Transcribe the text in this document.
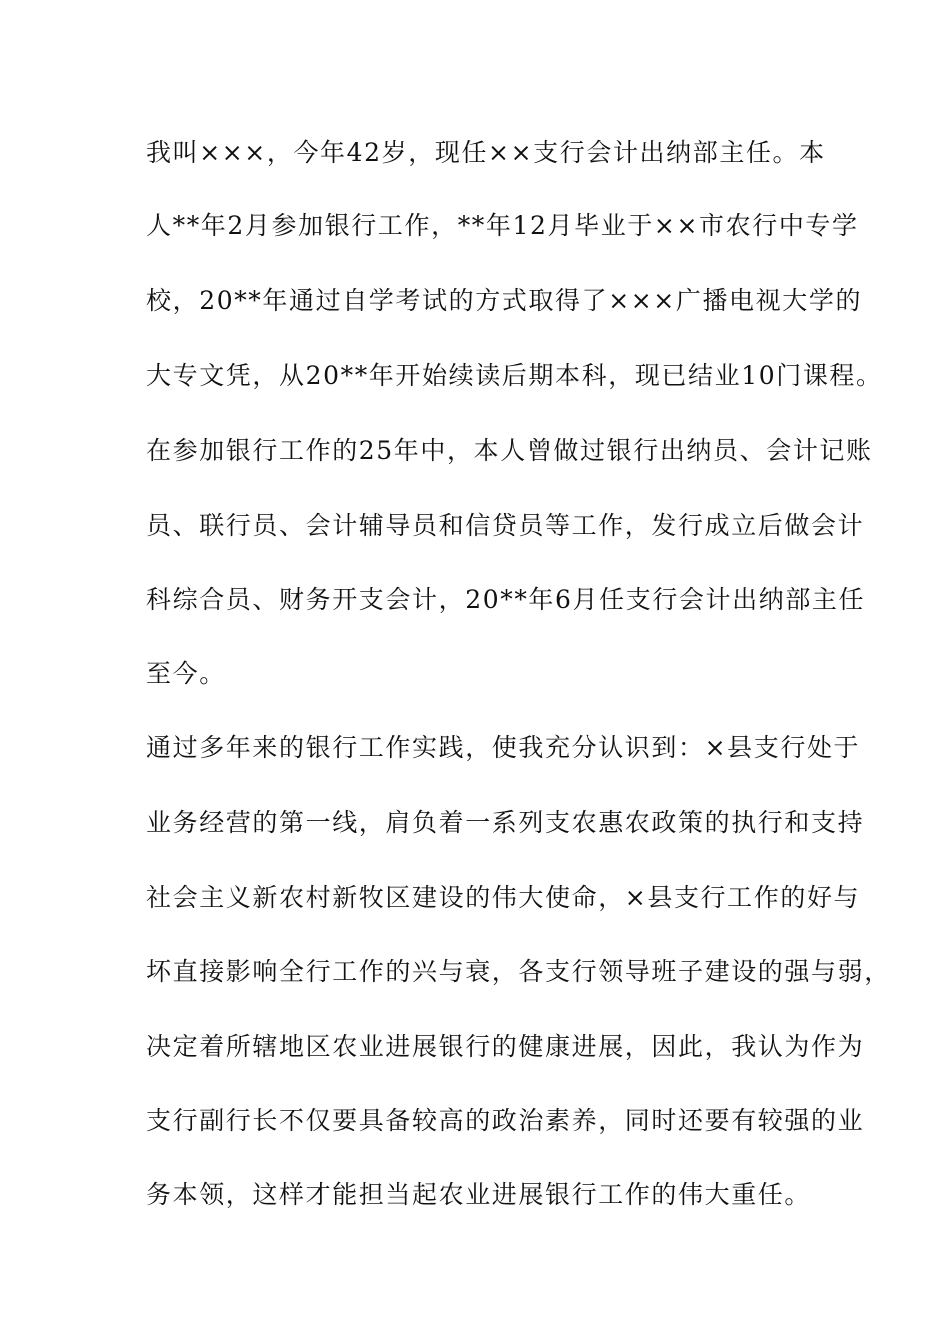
我叫×××，今年42岁，现任××支行会计出纳部主任。本
人**年2月参加银行工作，**年12月毕业于××市农行中专学
校，20**年通过自学考试的方式取得了×××广播电视大学的
大专文凭，从20**年开始续读后期本科，现已结业10门课程。
在参加银行工作的25年中，本人曾做过银行出纳员、会计记账
员、联行员、会计辅导员和信贷员等工作，发行成立后做会计
科综合员、财务开支会计，20**年6月任支行会计出纳部主任
至今。
通过多年来的银行工作实践，使我充分认识到：×县支行处于
业务经营的第一线，肩负着一系列支农惠农政策的执行和支持
社会主义新农村新牧区建设的伟大使命，×县支行工作的好与
坏直接影响全行工作的兴与衰，各支行领导班子建设的强与弱，
决定着所辖地区农业进展银行的健康进展，因此，我认为作为
支行副行长不仅要具备较高的政治素养，同时还要有较强的业
务本领，这样才能担当起农业进展银行工作的伟大重任。
